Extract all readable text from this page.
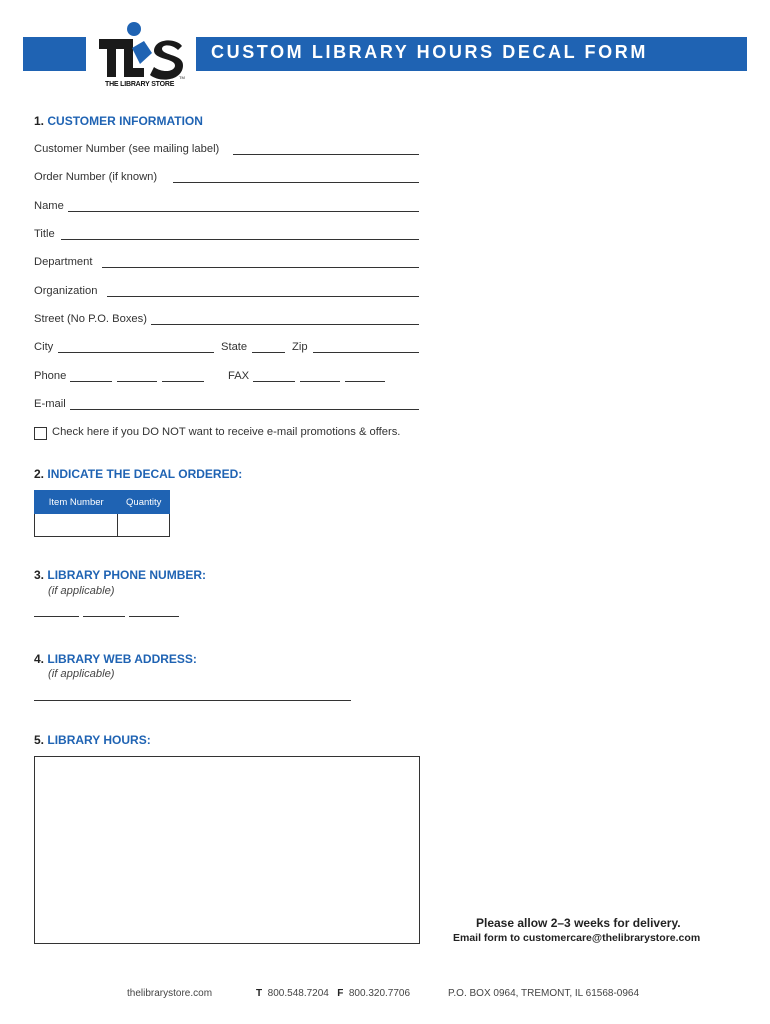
CUSTOM LIBRARY HOURS DECAL FORM
TM
THE LIBRARY STORE
1. CUSTOMER INFORMATION
Customer Number (see mailing label)
Order Number (if known)
Name
Title
Department
Organization
Street (No P.O. Boxes)
City	State	Zip
Phone	FAX
E-mail
Check here if you DO NOT want to receive e-mail promotions & offers.
2. INDICATE THE DECAL ORDERED:
Item Number	Quantity

3. LIBRARY PHONE NUMBER:
(if applicable)
4. LIBRARY WEB ADDRESS:
(if applicable)
5. LIBRARY HOURS:
Please allow 2–3 weeks for delivery.
Email form to customercare@thelibrarystore.com
thelibrarystore.com	T 800.548.7204 F 800.320.7706	P.O. BOX 0964, TREMONT, IL 61568-0964
